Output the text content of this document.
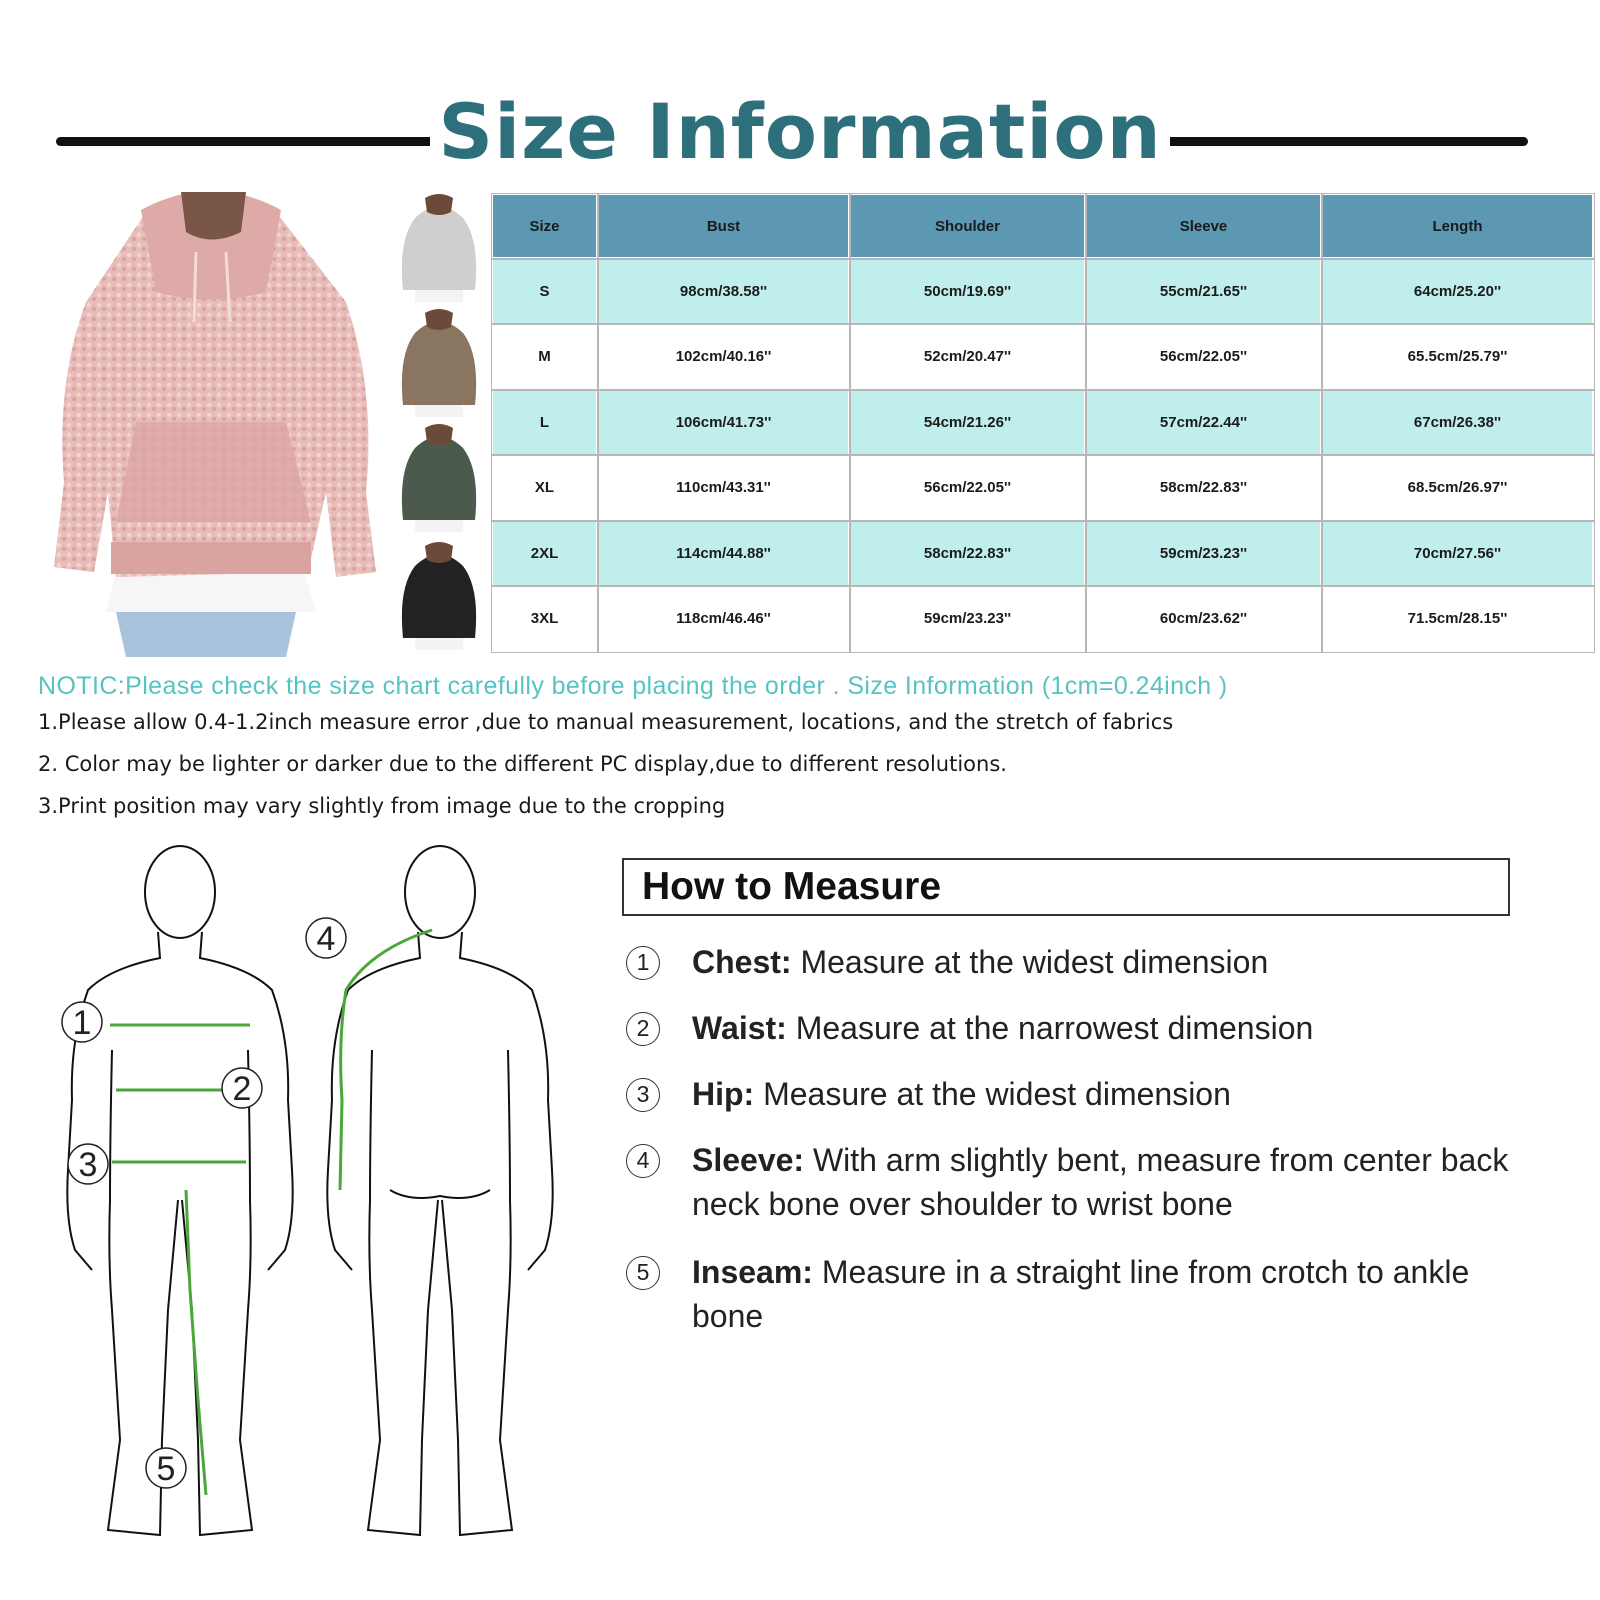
Size Information
Size	Bust	Shoulder	Sleeve	Length
S	98cm/38.58''	50cm/19.69''	55cm/21.65''	64cm/25.20''
M	102cm/40.16''	52cm/20.47''	56cm/22.05''	65.5cm/25.79''
L	106cm/41.73''	54cm/21.26''	57cm/22.44''	67cm/26.38''
XL	110cm/43.31''	56cm/22.05''	58cm/22.83''	68.5cm/26.97''
2XL	114cm/44.88''	58cm/22.83''	59cm/23.23''	70cm/27.56''
3XL	118cm/46.46''	59cm/23.23''	60cm/23.62''	71.5cm/28.15''
NOTIC:Please check the size chart carefully before placing the order . Size Information (1cm=0.24inch )
1.Please allow 0.4-1.2inch measure error ,due to manual measurement, locations, and the stretch of fabrics
2. Color may be lighter or darker due to the different PC display,due to different resolutions.
3.Print position may vary slightly from image due to the cropping
1
2
3
4
5
How to Measure
1	Chest: Measure at the widest dimension
2	Waist: Measure at the narrowest dimension
3	Hip: Measure at the widest dimension
4	Sleeve: With arm slightly bent, measure from center back neck bone over shoulder to wrist bone
5	Inseam: Measure in a straight line from crotch to ankle bone
